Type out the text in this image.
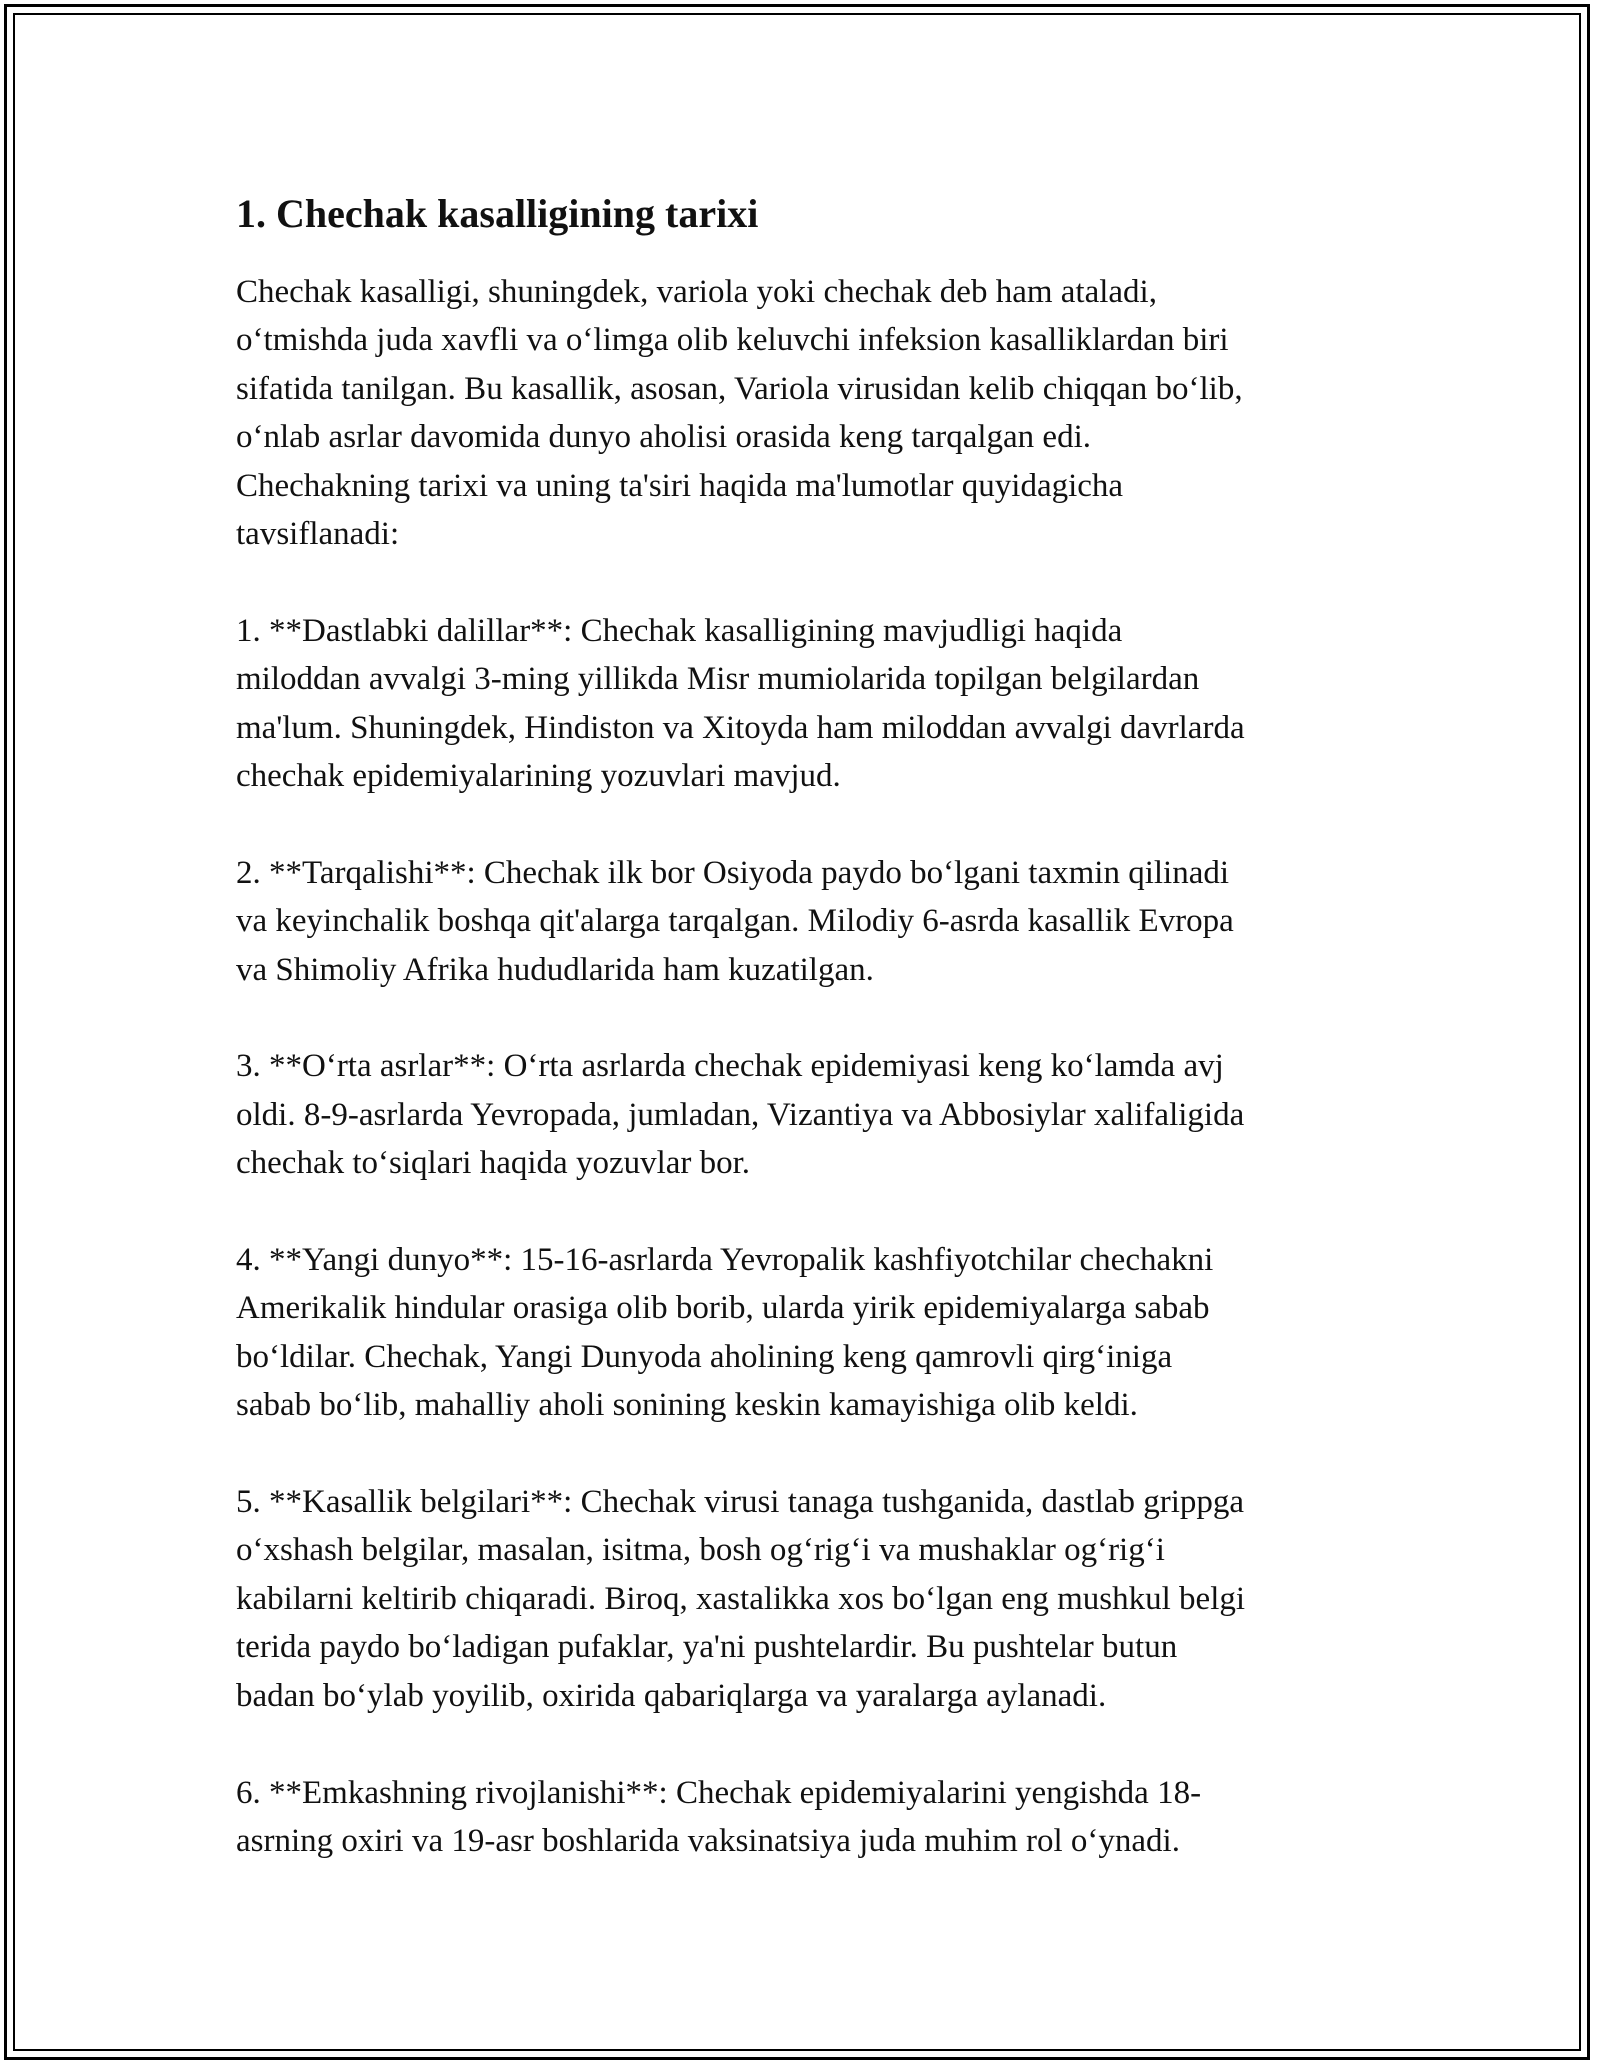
1. Chechak kasalligining tarixi
Chechak kasalligi, shuningdek, variola yoki chechak deb ham ataladi,
o‘tmishda juda xavfli va o‘limga olib keluvchi infeksion kasalliklardan biri
sifatida tanilgan. Bu kasallik, asosan, Variola virusidan kelib chiqqan bo‘lib,
o‘nlab asrlar davomida dunyo aholisi orasida keng tarqalgan edi.
Chechakning tarixi va uning ta'siri haqida ma'lumotlar quyidagicha
tavsiflanadi:
1. **Dastlabki dalillar**: Chechak kasalligining mavjudligi haqida
miloddan avvalgi 3-ming yillikda Misr mumiolarida topilgan belgilardan
ma'lum. Shuningdek, Hindiston va Xitoyda ham miloddan avvalgi davrlarda
chechak epidemiyalarining yozuvlari mavjud.
2. **Tarqalishi**: Chechak ilk bor Osiyoda paydo bo‘lgani taxmin qilinadi
va keyinchalik boshqa qit'alarga tarqalgan. Milodiy 6-asrda kasallik Evropa
va Shimoliy Afrika hududlarida ham kuzatilgan.
3. **O‘rta asrlar**: O‘rta asrlarda chechak epidemiyasi keng ko‘lamda avj
oldi. 8-9-asrlarda Yevropada, jumladan, Vizantiya va Abbosiylar xalifaligida
chechak to‘siqlari haqida yozuvlar bor.
4. **Yangi dunyo**: 15-16-asrlarda Yevropalik kashfiyotchilar chechakni
Amerikalik hindular orasiga olib borib, ularda yirik epidemiyalarga sabab
bo‘ldilar. Chechak, Yangi Dunyoda aholining keng qamrovli qirg‘iniga
sabab bo‘lib, mahalliy aholi sonining keskin kamayishiga olib keldi.
5. **Kasallik belgilari**: Chechak virusi tanaga tushganida, dastlab grippga
o‘xshash belgilar, masalan, isitma, bosh og‘rig‘i va mushaklar og‘rig‘i
kabilarni keltirib chiqaradi. Biroq, xastalikka xos bo‘lgan eng mushkul belgi
terida paydo bo‘ladigan pufaklar, ya'ni pushtelardir. Bu pushtelar butun
badan bo‘ylab yoyilib, oxirida qabariqlarga va yaralarga aylanadi.
6. **Emkashning rivojlanishi**: Chechak epidemiyalarini yengishda 18-
asrning oxiri va 19-asr boshlarida vaksinatsiya juda muhim rol o‘ynadi.
